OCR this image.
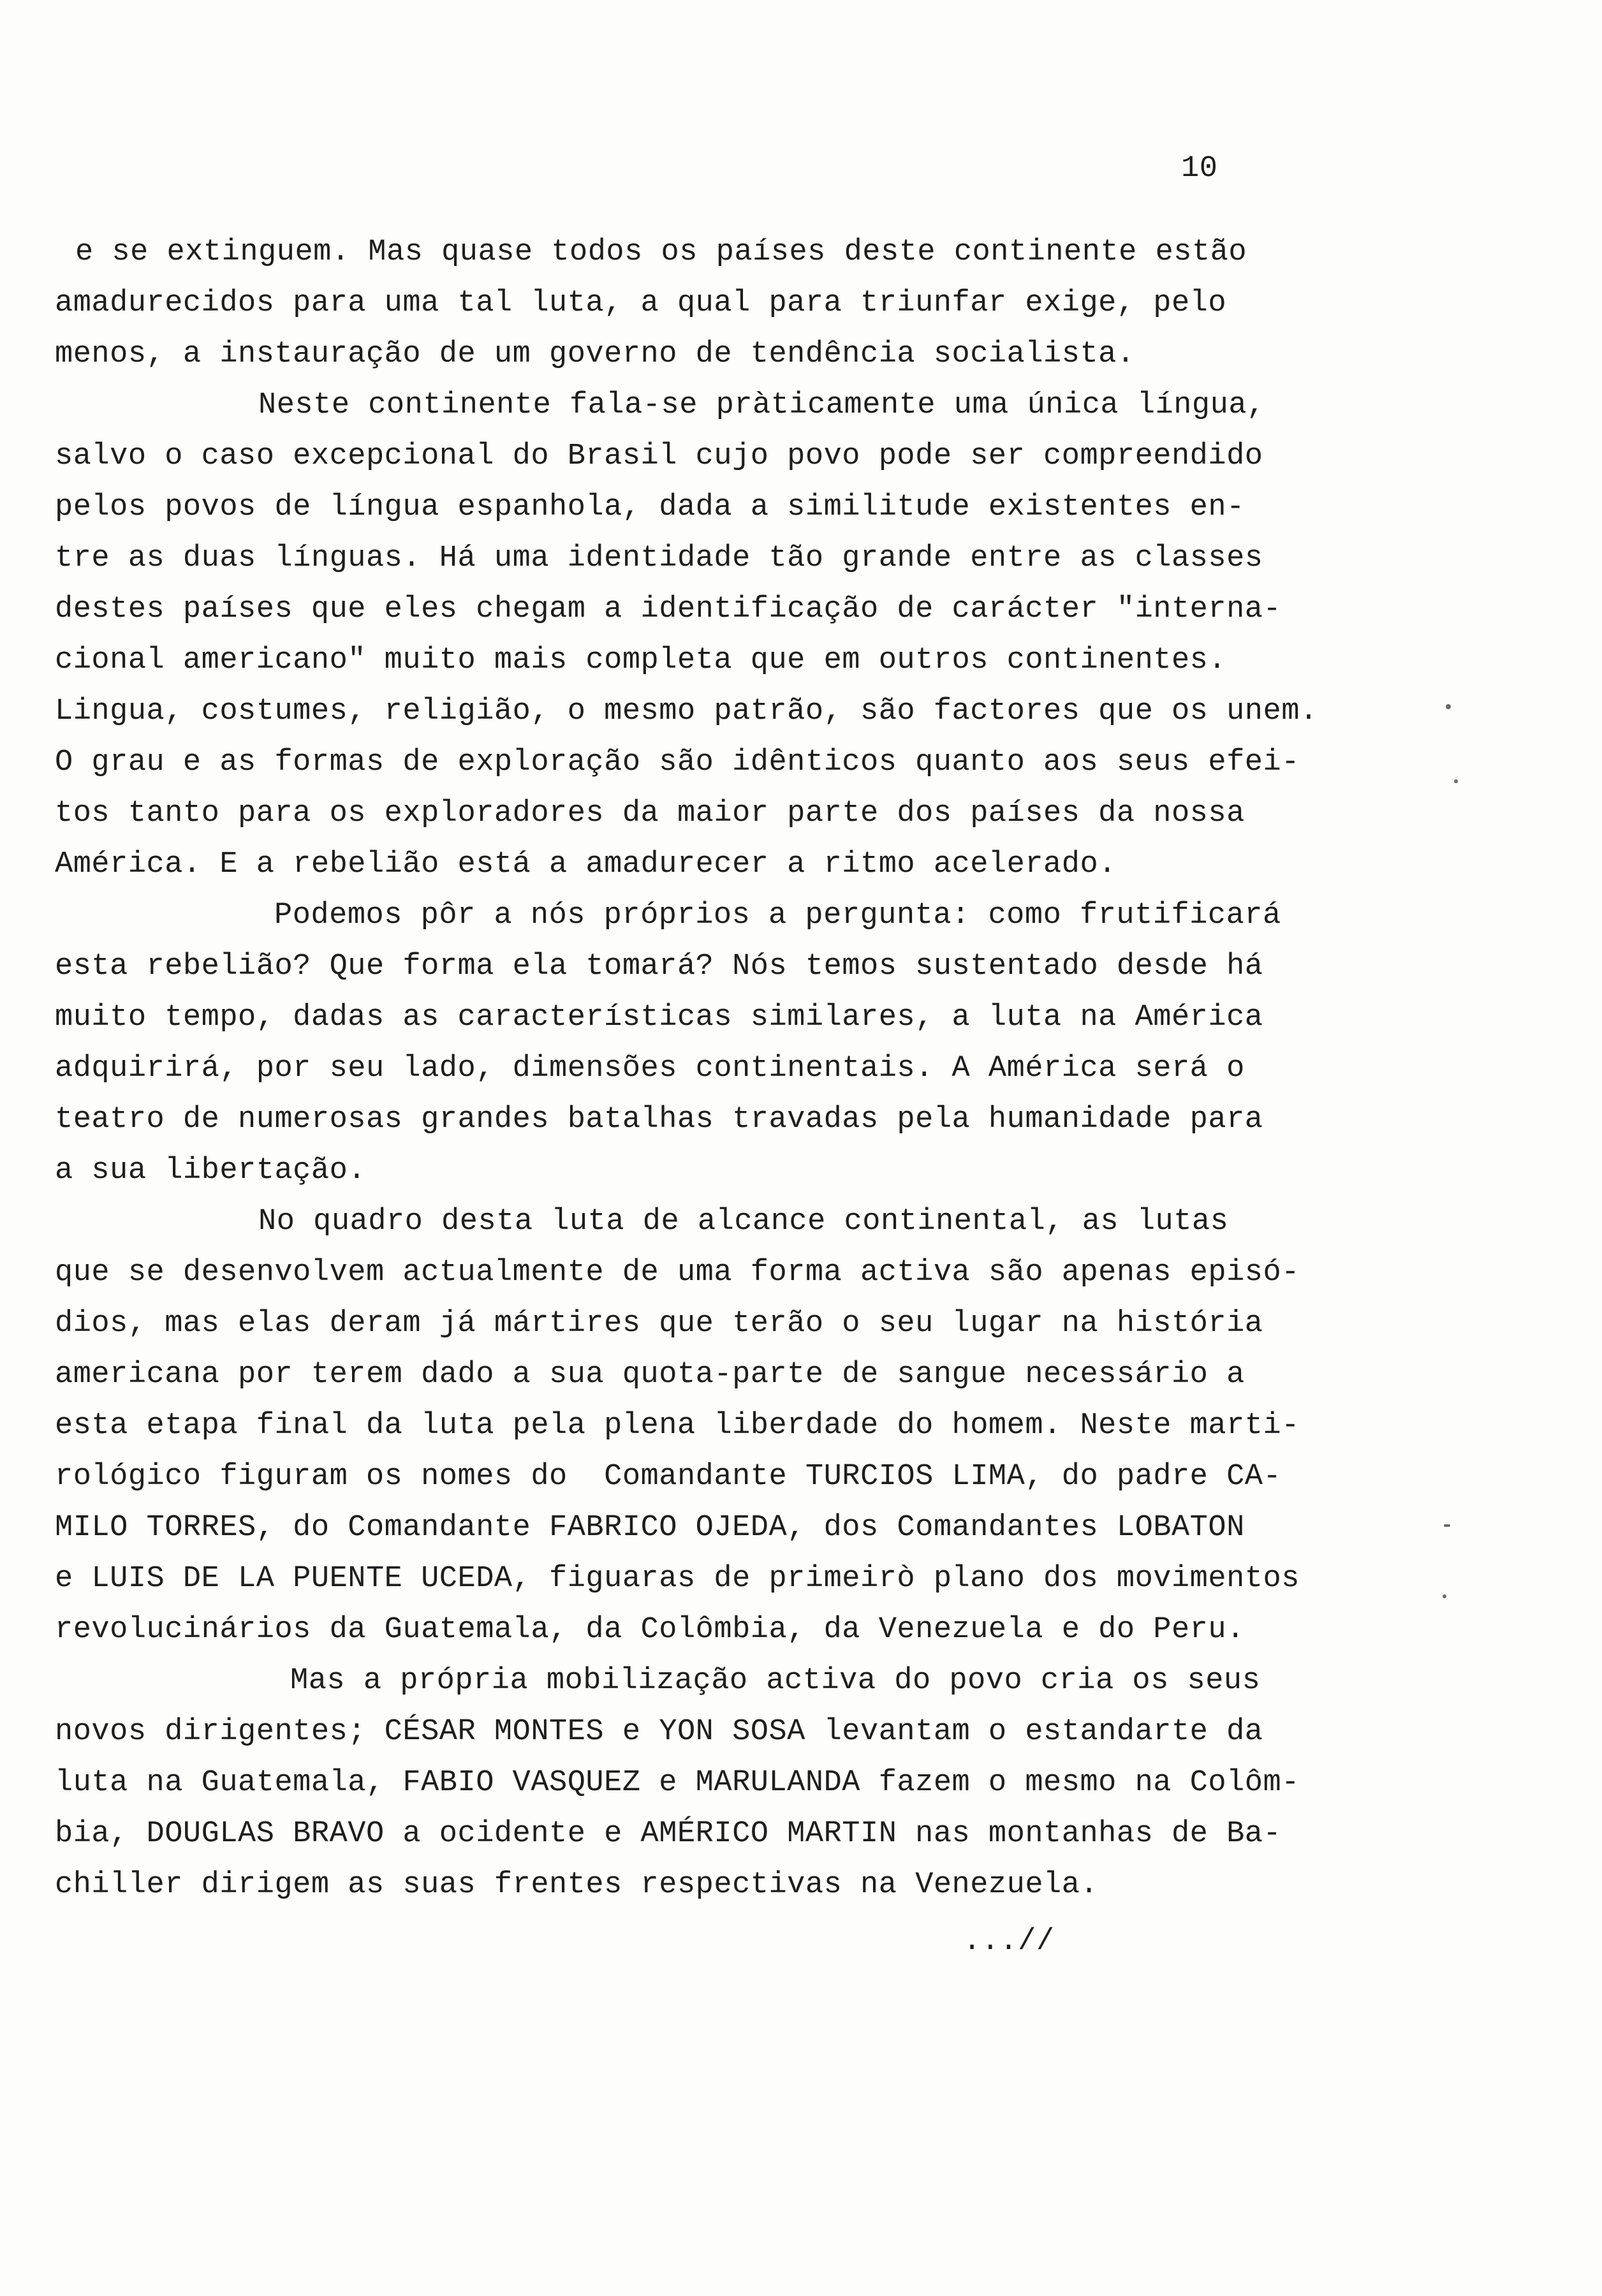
10
e se extinguem. Mas quase todos os países deste continente estão
amadurecidos para uma tal luta, a qual para triunfar exige, pelo
menos, a instauração de um governo de tendência socialista.
Neste continente fala-se pràticamente uma única língua,
salvo o caso excepcional do Brasil cujo povo pode ser compreendido
pelos povos de língua espanhola, dada a similitude existentes en-
tre as duas línguas. Há uma identidade tão grande entre as classes
destes países que eles chegam a identificação de carácter "interna-
cional americano" muito mais completa que em outros continentes.
Lingua, costumes, religião, o mesmo patrão, são factores que os unem.
O grau e as formas de exploração são idênticos quanto aos seus efei-
tos tanto para os exploradores da maior parte dos países da nossa
América. E a rebelião está a amadurecer a ritmo acelerado.
Podemos pôr a nós próprios a pergunta: como frutificará
esta rebelião? Que forma ela tomará? Nós temos sustentado desde há
muito tempo, dadas as características similares, a luta na América
adquirirá, por seu lado, dimensões continentais. A América será o
teatro de numerosas grandes batalhas travadas pela humanidade para
a sua libertação.
No quadro desta luta de alcance continental, as lutas
que se desenvolvem actualmente de uma forma activa são apenas episó-
dios, mas elas deram já mártires que terão o seu lugar na história
americana por terem dado a sua quota-parte de sangue necessário a
esta etapa final da luta pela plena liberdade do homem. Neste marti-
rológico figuram os nomes do  Comandante TURCIOS LIMA, do padre CA-
MILO TORRES, do Comandante FABRICO OJEDA, dos Comandantes LOBATON
e LUIS DE LA PUENTE UCEDA, figuaras de primeirò plano dos movimentos
revolucinários da Guatemala, da Colômbia, da Venezuela e do Peru.
Mas a própria mobilização activa do povo cria os seus
novos dirigentes; CÉSAR MONTES e YON SOSA levantam o estandarte da
luta na Guatemala, FABIO VASQUEZ e MARULANDA fazem o mesmo na Colôm-
bia, DOUGLAS BRAVO a ocidente e AMÉRICO MARTIN nas montanhas de Ba-
chiller dirigem as suas frentes respectivas na Venezuela.
...//
